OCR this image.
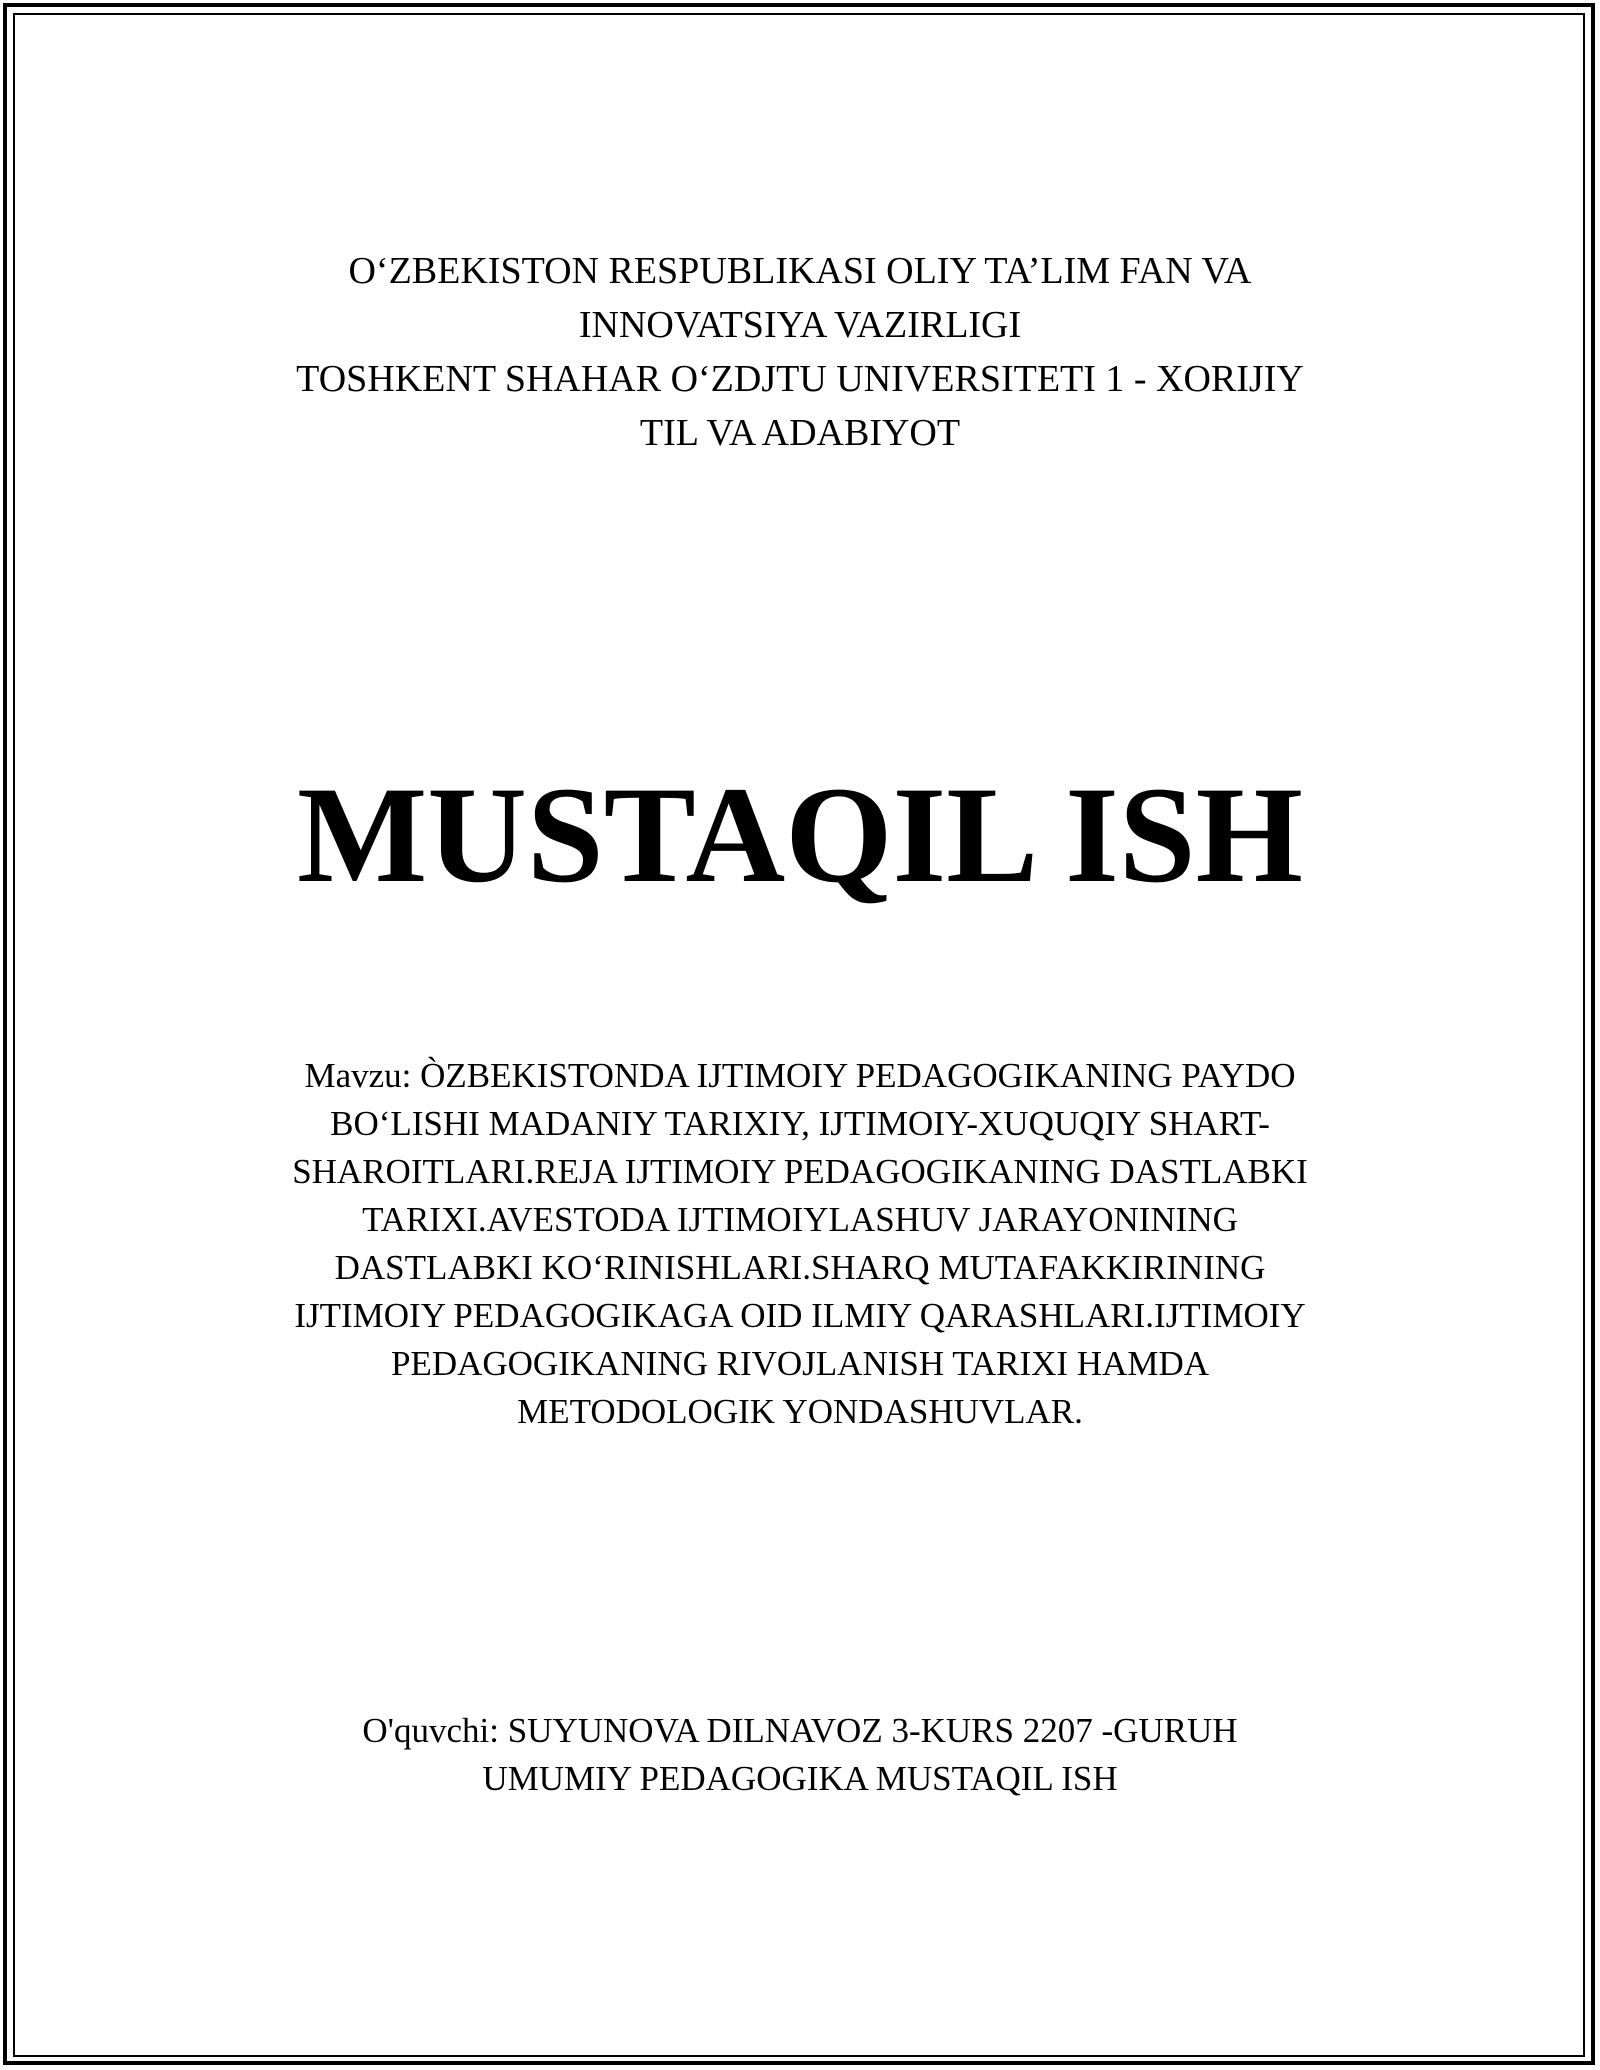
O‘ZBEKISTON RESPUBLIKASI OLIY TA’LIM FAN VA
INNOVATSIYA VAZIRLIGI
TOSHKENT SHAHAR O‘ZDJTU UNIVERSITETI 1 - XORIJIY
TIL VA ADABIYOT
MUSTAQIL ISH
Mavzu: ÒZBEKISTONDA IJTIMOIY PEDAGOGIKANING PAYDO
BO‘LISHI MADANIY TARIXIY, IJTIMOIY-XUQUQIY SHART-
SHAROITLARI.REJA IJTIMOIY PEDAGOGIKANING DASTLABKI
TARIXI.AVESTODA IJTIMOIYLASHUV JARAYONINING
DASTLABKI KO‘RINISHLARI.SHARQ MUTAFAKKIRINING
IJTIMOIY PEDAGOGIKAGA OID ILMIY QARASHLARI.IJTIMOIY
PEDAGOGIKANING RIVOJLANISH TARIXI HAMDA
METODOLOGIK YONDASHUVLAR.
O'quvchi: SUYUNOVA DILNAVOZ 3-KURS 2207 -GURUH
UMUMIY PEDAGOGIKA MUSTAQIL ISH
